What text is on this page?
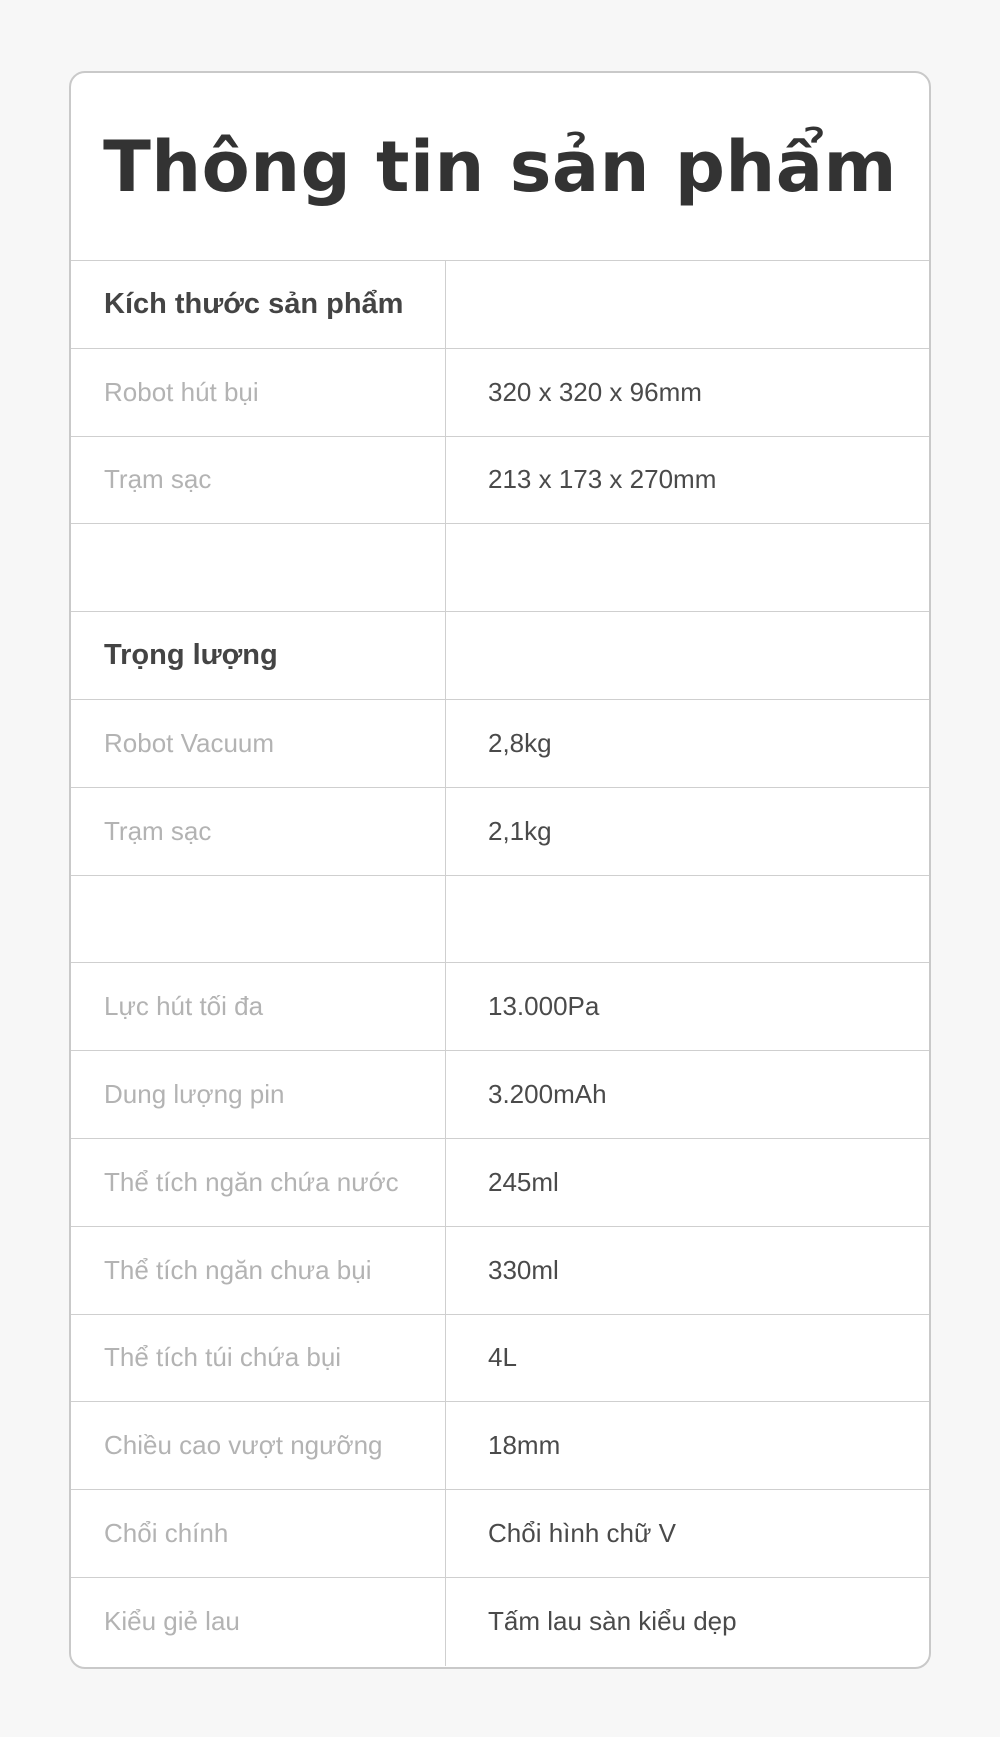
Thông tin sản phẩm
Kích thước sản phẩm
Robot hút bụi	320 x 320 x 96mm
Trạm sạc	213 x 173 x 270mm
Trọng lượng
Robot Vacuum	2,8kg
Trạm sạc	2,1kg
Lực hút tối đa	13.000Pa
Dung lượng pin	3.200mAh
Thể tích ngăn chứa nước	245ml
Thể tích ngăn chưa bụi	330ml
Thể tích túi chứa bụi	4L
Chiều cao vượt ngưỡng	18mm
Chổi chính	Chổi hình chữ V
Kiểu giẻ lau	Tấm lau sàn kiểu dẹp
